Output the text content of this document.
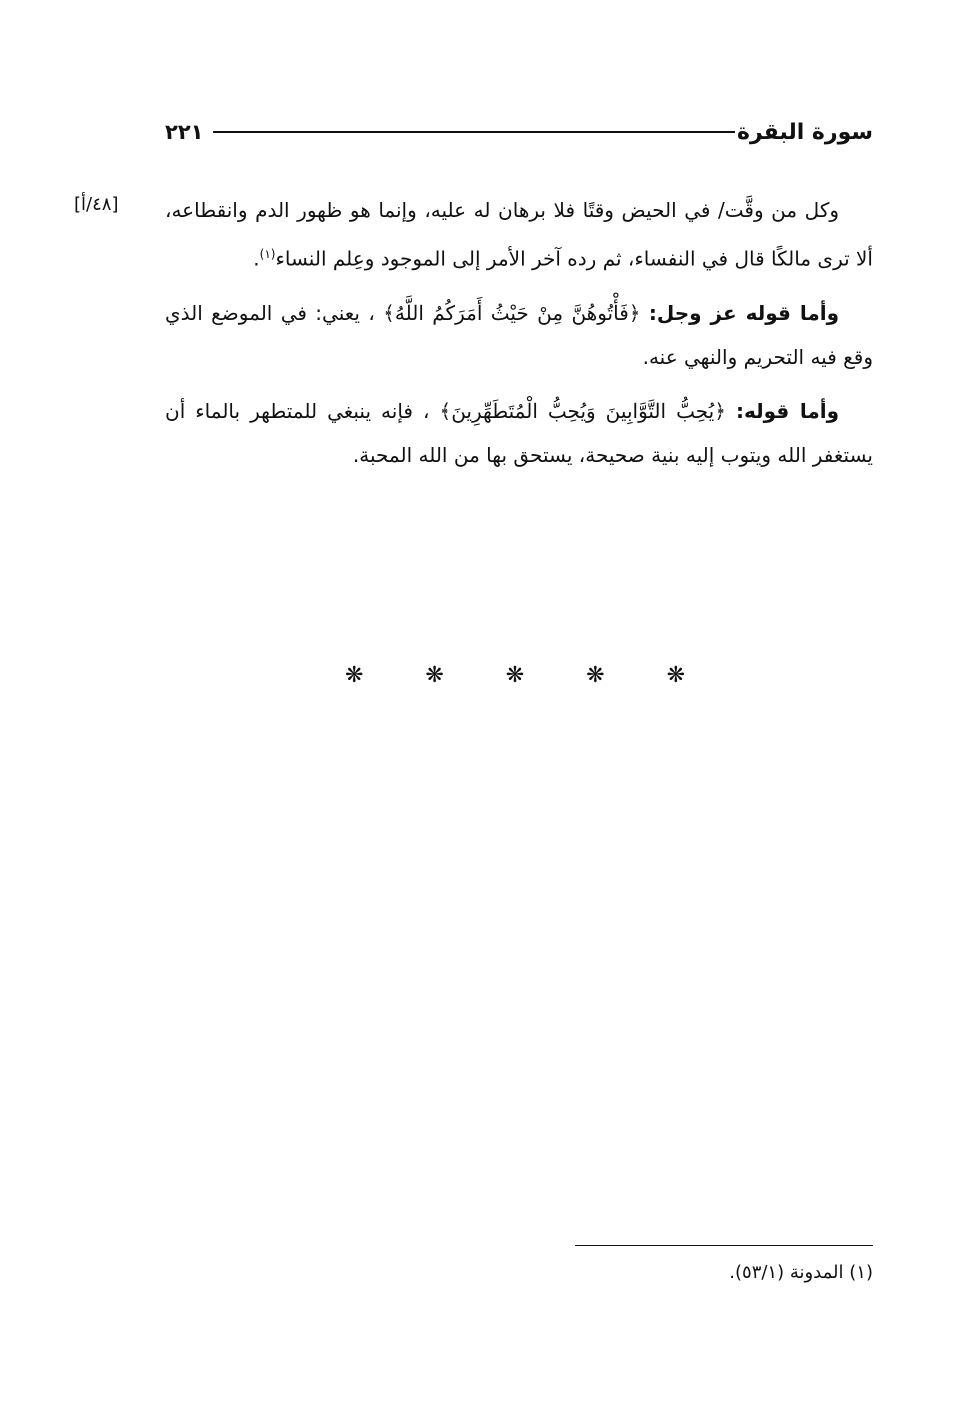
سورة البقرة
٢٢١
[٤٨/أ] وكل من وقَّت/ في الحيض وقتًا فلا برهان له عليه، وإنما هو ظهور الدم وانقطاعه، ألا ترى مالكًا قال في النفساء، ثم رده آخر الأمر إلى الموجود وعِلم النساء$^{(١)}$.

وأما قوله عز وجل: ﴿فَأْتُوهُنَّ مِنْ حَيْثُ أَمَرَكُمُ اللَّهُ﴾ ، يعني: في الموضع الذي وقع فيه التحريم والنهي عنه.

وأما قوله: ﴿يُحِبُّ التَّوَّابِينَ وَيُحِبُّ الْمُتَطَهِّرِينَ﴾ ، فإنه ينبغي للمتطهر بالماء أن يستغفر الله ويتوب إليه بنية صحيحة، يستحق بها من الله المحبة.

❋	❋	❋	❋	❋
(١) المدونة (٥٣/١).
